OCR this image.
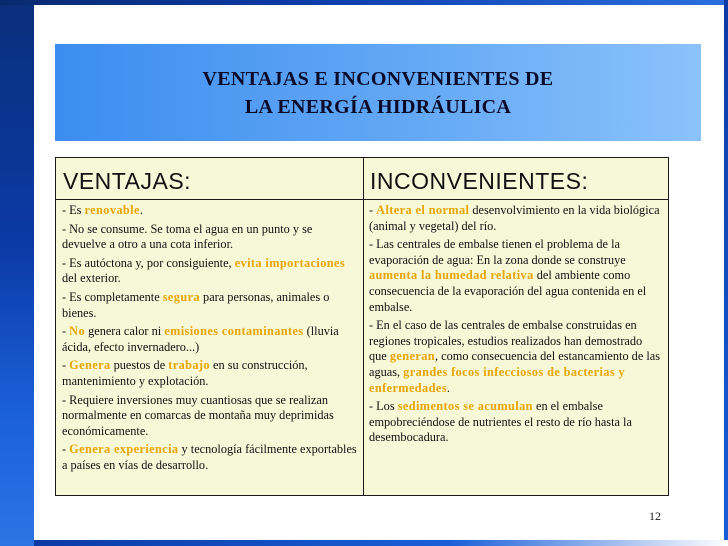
VENTAJAS E INCONVENIENTES DE
LA ENERGÍA HIDRÁULICA
VENTAJAS:
- Es renovable.
- No se consume. Se toma el agua en un punto y se devuelve a otro a una cota inferior.
- Es autóctona y, por consiguiente, evita importaciones del exterior.
- Es completamente segura para personas, animales o bienes.
- No genera calor ni emisiones contaminantes (lluvia ácida, efecto invernadero...)
- Genera puestos de trabajo en su construcción, mantenimiento y explotación.
- Requiere inversiones muy cuantiosas que se realizan normalmente en comarcas de montaña muy deprimidas económicamente.
- Genera experiencia y tecnología fácilmente exportables a países en vías de desarrollo.
INCONVENIENTES:
- Altera el normal desenvolvimiento en la vida biológica (animal y vegetal) del río.
- Las centrales de embalse tienen el problema de la evaporación de agua: En la zona donde se construye aumenta la humedad relativa del ambiente como consecuencia de la evaporación del agua contenida en el embalse.
- En el caso de las centrales de embalse construidas en regiones tropicales, estudios realizados han demostrado que generan, como consecuencia del estancamiento de las aguas, grandes focos infecciosos de bacterias y enfermedades.
- Los sedimentos se acumulan en el embalse empobreciéndose de nutrientes el resto de río hasta la desembocadura.
12
